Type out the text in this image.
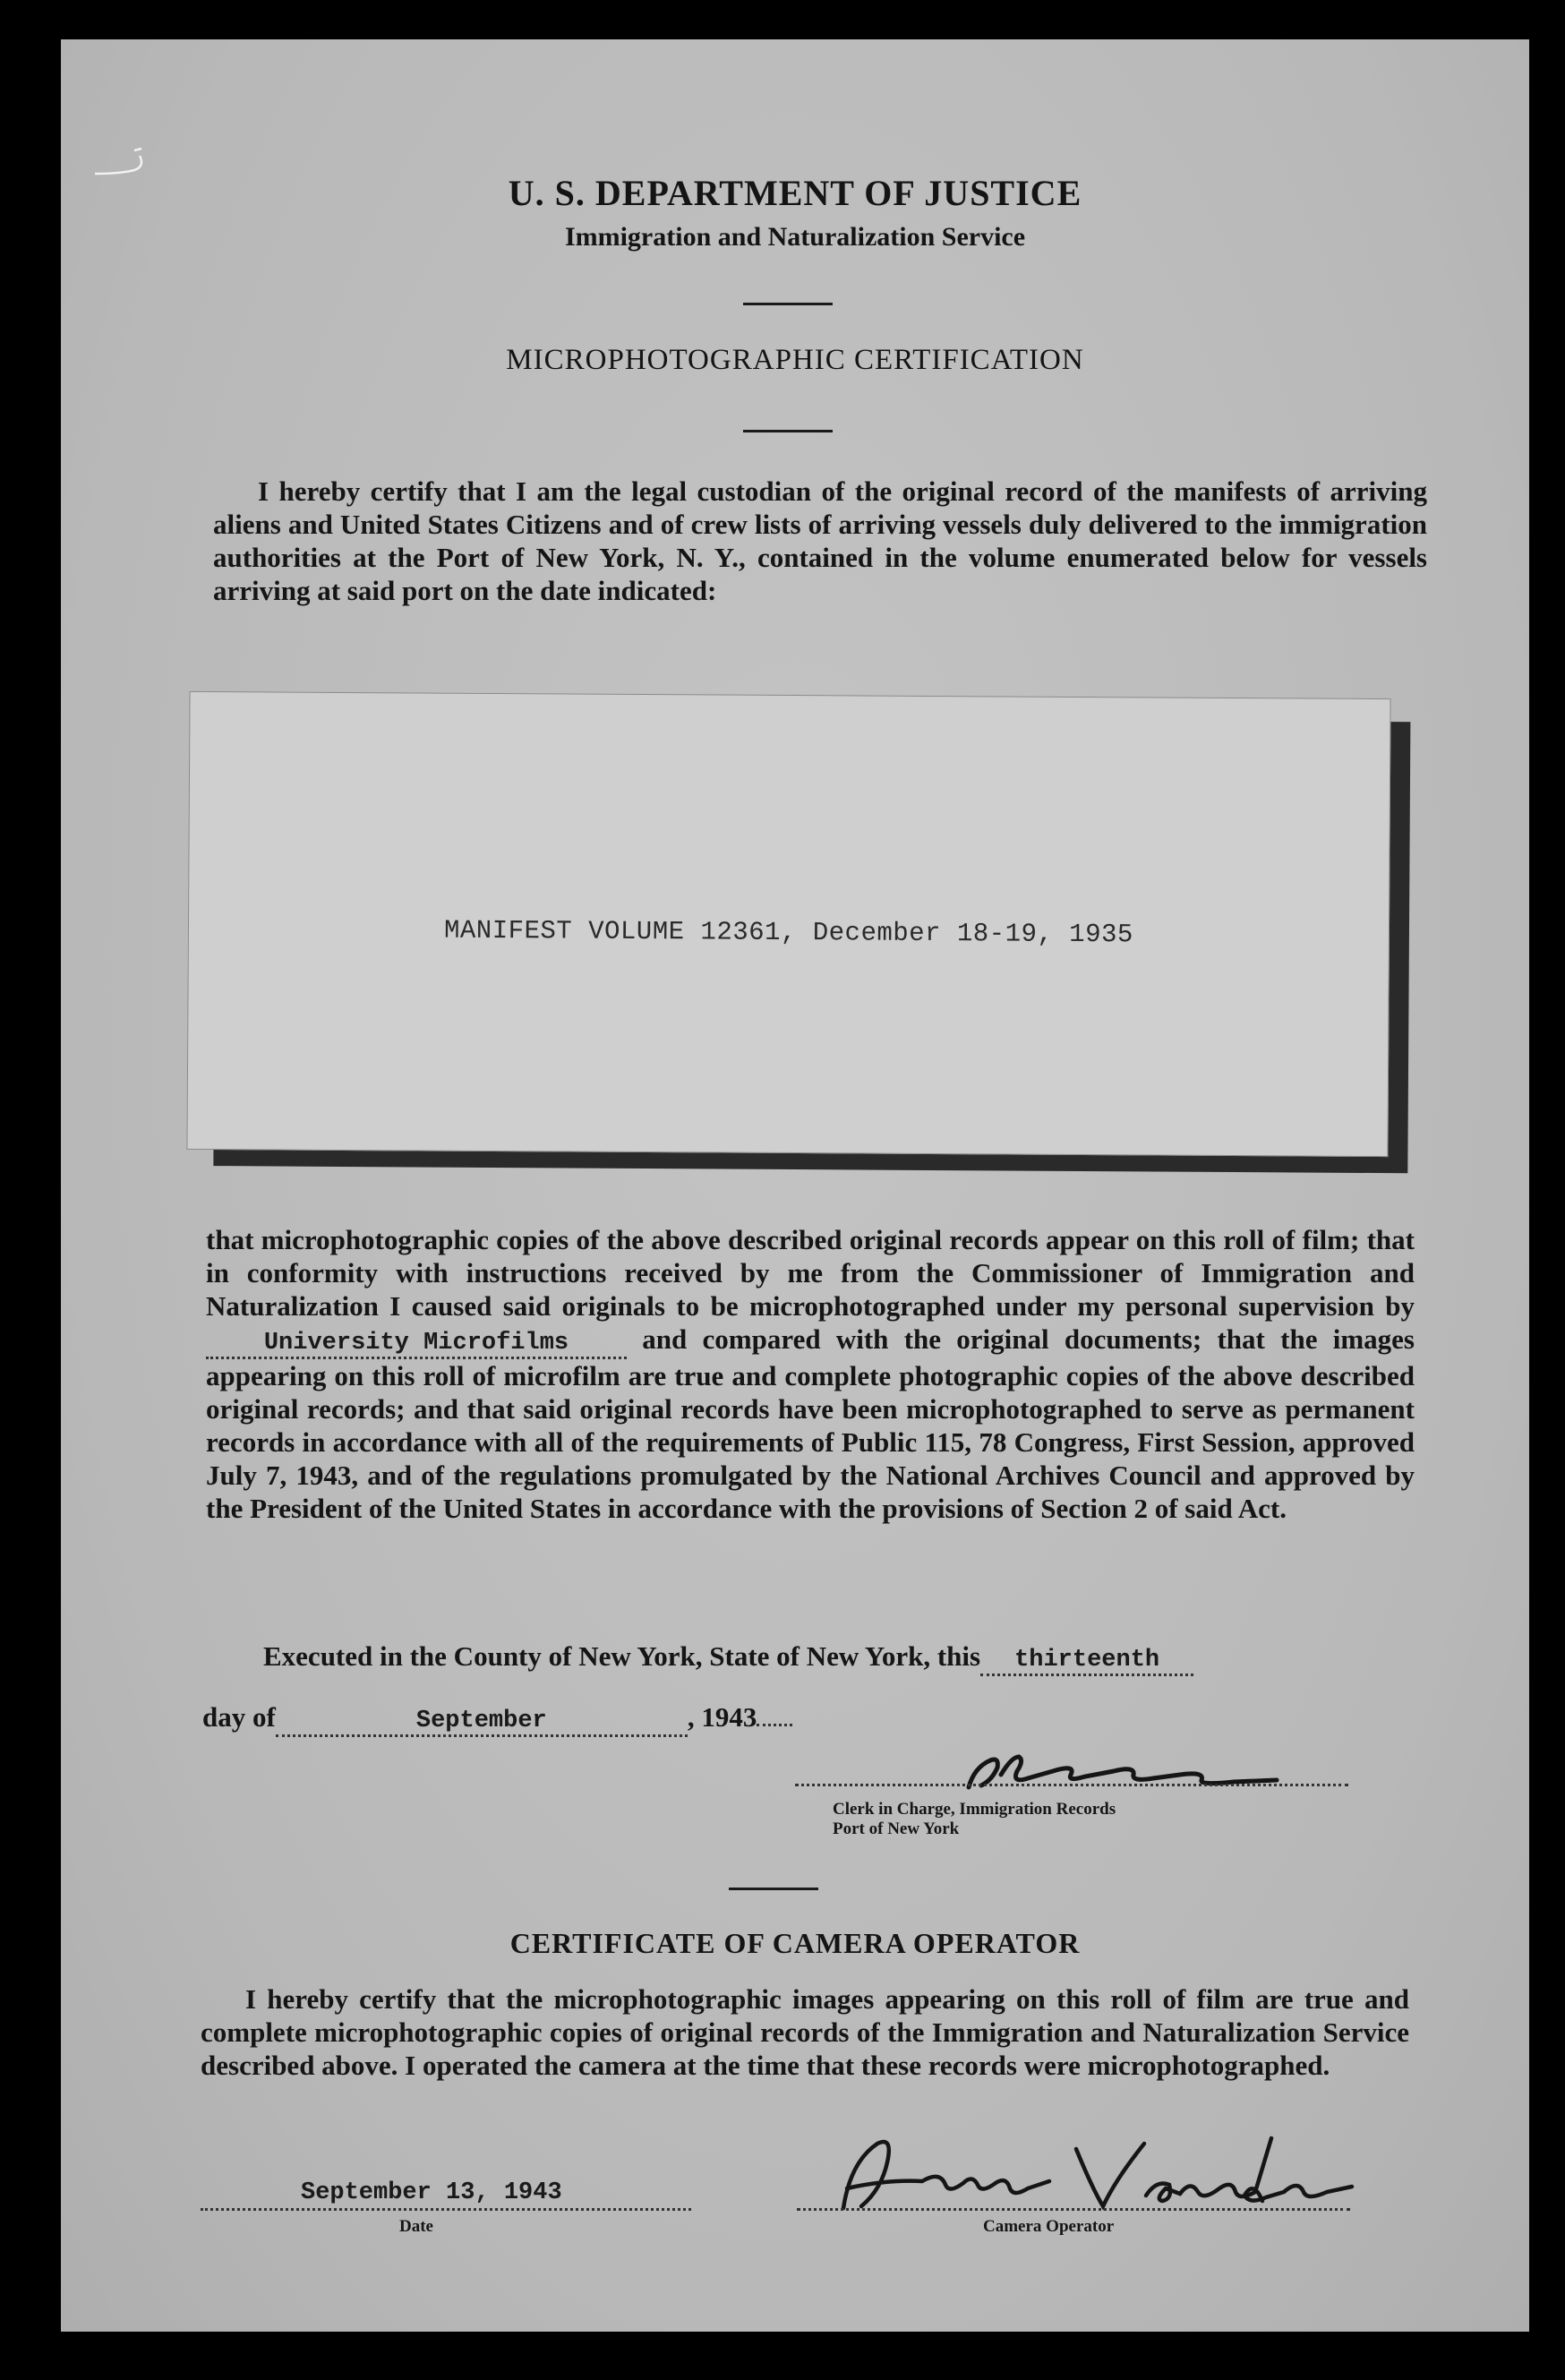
U. S. DEPARTMENT OF JUSTICE
Immigration and Naturalization Service
MICROPHOTOGRAPHIC CERTIFICATION

I hereby certify that I am the legal custodian of the original record of the manifests of arriving aliens and United States Citizens and of crew lists of arriving vessels duly delivered to the immigration authorities at the Port of New York, N. Y., contained in the volume enumerated below for vessels arriving at said port on the date indicated:

MANIFEST VOLUME 12361, December 18-19, 1935

that microphotographic copies of the above described original records appear on this roll of film; that in conformity with instructions received by me from the Commissioner of Immigration and Naturalization I caused said originals to be microphotographed under my personal supervision by University Microfilms	and compared with the original documents; that the images appearing on this roll of microfilm are true and complete photographic copies of the above described original records; and that said original records have been microphotographed to serve as permanent records in accordance with all of the requirements of Public 115, 78 Congress, First Session, approved July 7, 1943, and of the regulations promulgated by the National Archives Council and approved by the President of the United States in accordance with the provisions of Section 2 of said Act.

Executed in the County of New York, State of New York, this thirteenth
day of	September	, 1943
Clerk in Charge, Immigration Records
Port of New York
CERTIFICATE OF CAMERA OPERATOR

I hereby certify that the microphotographic images appearing on this roll of film are true and complete microphotographic copies of original records of the Immigration and Naturalization Service described above. I operated the camera at the time that these records were microphotographed.

September 13, 1943
Date	Camera Operator
